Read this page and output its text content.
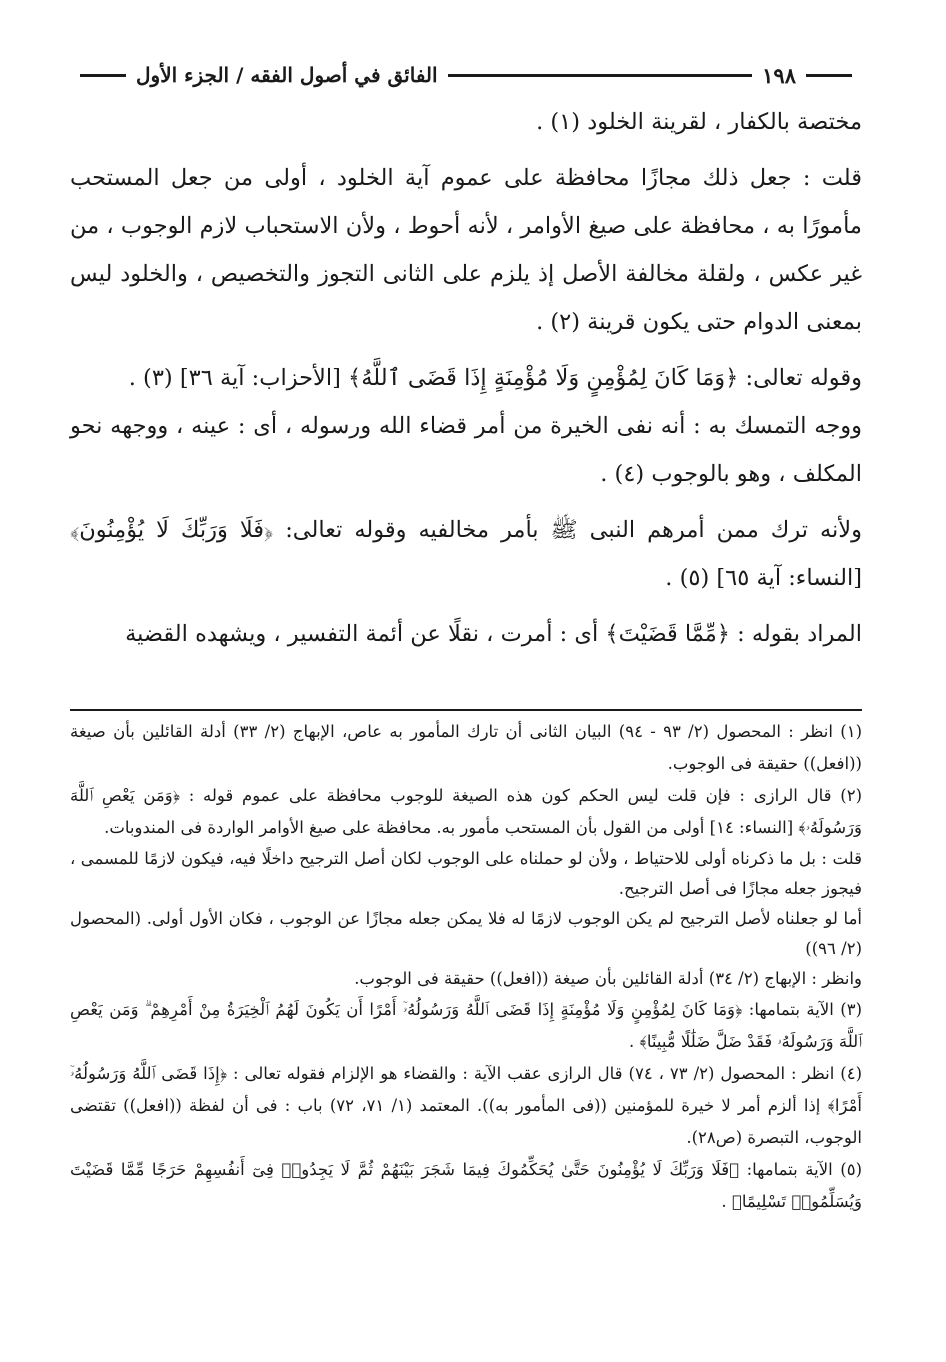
١٩٨
الفائق في أصول الفقه / الجزء الأول

مختصة بالكفار ، لقرينة الخلود (١) .

قلت : جعل ذلك مجازًا محافظة على عموم آية الخلود ، أولى من جعل المستحب مأمورًا به ، محافظة على صيغ الأوامر ، لأنه أحوط ، ولأن الاستحباب لازم الوجوب ، من غير عكس ، ولقلة مخالفة الأصل إذ يلزم على الثانى التجوز والتخصيص ، والخلود ليس بمعنى الدوام حتى يكون قرينة (٢) .

وقوله تعالى: ﴿وَمَا كَانَ لِمُؤْمِنٍ وَلَا مُؤْمِنَةٍ إِذَا قَضَى ٱللَّهُ﴾ [الأحزاب: آية ٣٦] (٣) .

ووجه التمسك به : أنه نفى الخيرة من أمر قضاء الله ورسوله ، أى : عينه ، ووجهه نحو المكلف ، وهو بالوجوب (٤) .

ولأنه ترك ممن أمرهم النبى ﷺ بأمر مخالفيه وقوله تعالى: ﴿فَلَا وَرَبِّكَ لَا يُؤْمِنُونَ﴾ [النساء: آية ٦٥] (٥) .

المراد بقوله : ﴿مِّمَّا قَضَيْتَ﴾ أى : أمرت ، نقلًا عن أئمة التفسير ، ويشهده القضية

(١) انظر : المحصول (٢/ ٩٣ - ٩٤) البيان الثانى أن تارك المأمور به عاص، الإبهاج (٢/ ٣٣) أدلة القائلين بأن صيغة ((افعل)) حقيقة فى الوجوب.

(٢) قال الرازى : فإن قلت ليس الحكم كون هذه الصيغة للوجوب محافظة على عموم قوله : ﴿وَمَن يَعْصِ ٱللَّهَ وَرَسُولَهُۥ﴾ [النساء: ١٤] أولى من القول بأن المستحب مأمور به. محافظة على صيغ الأوامر الواردة فى المندوبات.

قلت : بل ما ذكرناه أولى للاحتياط ، ولأن لو حملناه على الوجوب لكان أصل الترجيح داخلًا فيه، فيكون لازمًا للمسمى ، فيجوز جعله مجازًا فى أصل الترجيح.

أما لو جعلناه لأصل الترجيح لم يكن الوجوب لازمًا له فلا يمكن جعله مجازًا عن الوجوب ، فكان الأول أولى. (المحصول (٢/ ٩٦))

وانظر : الإبهاج (٢/ ٣٤) أدلة القائلين بأن صيغة ((افعل)) حقيقة فى الوجوب.

(٣) الآية بتمامها: ﴿وَمَا كَانَ لِمُؤْمِنٍ وَلَا مُؤْمِنَةٍ إِذَا قَضَى ٱللَّهُ وَرَسُولُهُۥٓ أَمْرًا أَن يَكُونَ لَهُمُ ٱلْخِيَرَةُ مِنْ أَمْرِهِمْ ۗ وَمَن يَعْصِ ٱللَّهَ وَرَسُولَهُۥ فَقَدْ ضَلَّ ضَلَٰلًا مُّبِينًا﴾ .

(٤) انظر : المحصول (٢/ ٧٣ ، ٧٤) قال الرازى عقب الآية : والقضاء هو الإلزام فقوله تعالى : ﴿إِذَا قَضَى ٱللَّهُ وَرَسُولُهُۥٓ أَمْرًا﴾ إذا ألزم أمر لا خيرة للمؤمنين ((فى المأمور به)). المعتمد (١/ ٧١، ٧٢) باب : فى أن لفظة ((افعل)) تقتضى الوجوب، التبصرة (ص٢٨).

(٥) الآية بتمامها: ﴿فَلَا وَرَبِّكَ لَا يُؤْمِنُونَ حَتَّىٰ يُحَكِّمُوكَ فِيمَا شَجَرَ بَيْنَهُمْ ثُمَّ لَا يَجِدُوا۟ فِىٓ أَنفُسِهِمْ حَرَجًا مِّمَّا قَضَيْتَ وَيُسَلِّمُوا۟ تَسْلِيمًا﴾ .
